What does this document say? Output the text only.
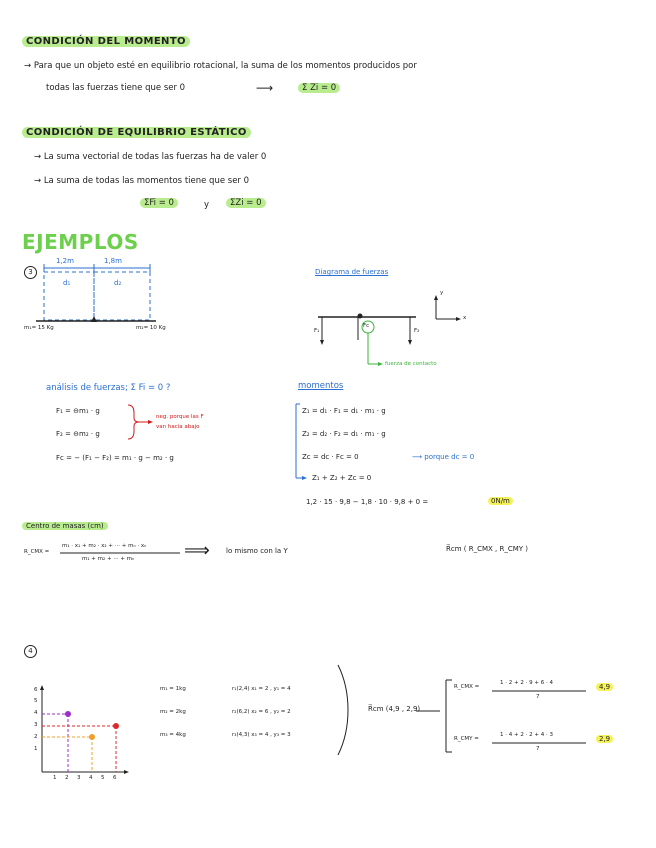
CONDICIÓN DEL MOMENTO
→ Para que un objeto esté en equilibrio rotacional, la suma de los momentos producidos por
todas las fuerzas tiene que ser 0	⟶	Σ Zi = 0
CONDICIÓN DE EQUILIBRIO ESTÁTICO
→ La suma vectorial de todas las fuerzas ha de valer 0
→ La suma de todas las momentos tiene que ser 0
ΣFi = 0	y	ΣZi = 0
EJEMPLOS
3
1,2m	1,8m
d₁	d₂
m₁= 15 Kg	m₂= 10 Kg
Diagrama de fuerzas
y
x
F₁
Fc
F₂
fuerza de contacto
análisis de fuerzas; Σ Fi = 0 ?
F₁ = ⊖m₁ · g
F₂ = ⊖m₂ · g
neg. porque las F
van hacia abajo
Fc = − (F₁ − F₂) = m₁ · g − m₂ · g
momentos
Z₁ = d₁ · F₁ = d₁ · m₁ · g
Z₂ = d₂ · F₂ = d₁ · m₁ · g
Zc = dc · Fc = 0	⟶ porque dc = 0
Z₁ + Z₂ + Zc = 0
1,2 · 15 · 9,8 − 1,8 · 10 · 9,8 + 0 =	0N/m
Centro de masas (cm)
R_CMX =
m₁ · x₁ + m₂ · x₂ + ··· + mₙ · xₙ
m₁ + m₂ + ··· + mₙ	⟹ lo mismo con la Y	R⃗cm ( R_CMX , R_CMY )
4
6
5
4
3
2
1
1 2 3 4 5 6
m₁ = 1kg
m₂ = 2kg
m₃ = 4kg
r₁(2,4) x₁ = 2 , y₁ = 4
r₂(6,2) x₂ = 6 , y₂ = 2
r₃(4,3) x₃ = 4 , y₃ = 3
R⃗cm (4,9 , 2,9)
R_CMX =
1 · 2 + 2 · 9 + 6 · 4
7
4,9
R_CMY =
1 · 4 + 2 · 2 + 4 · 3
7
2,9
